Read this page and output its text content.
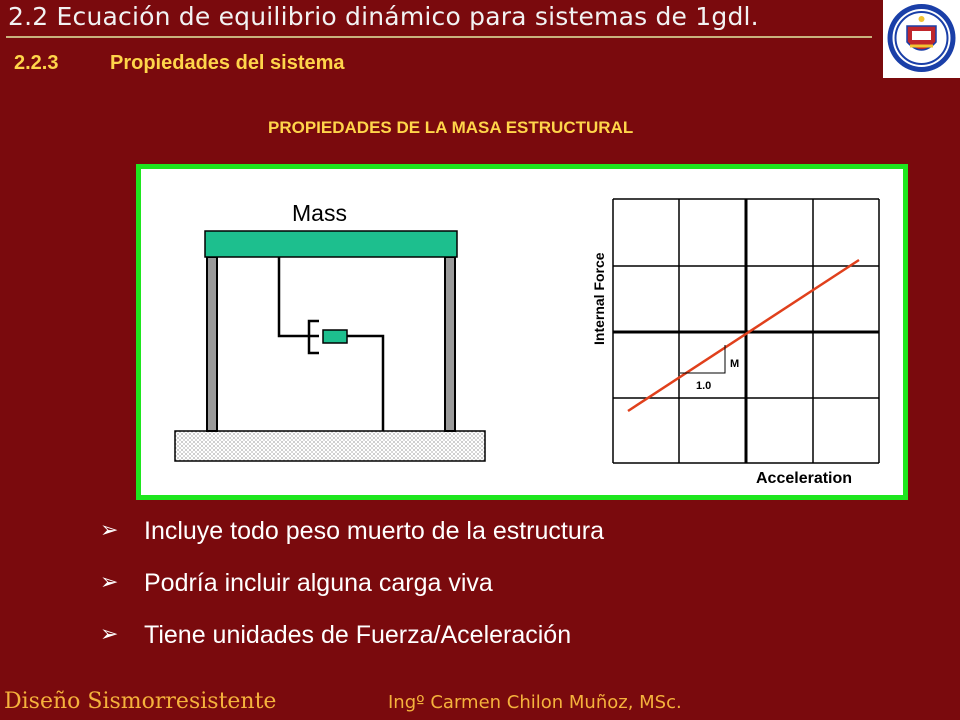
2.2 Ecuación de equilibrio dinámico para sistemas de 1gdl.
2.2.3	Propiedades del sistema
PROPIEDADES DE LA MASA ESTRUCTURAL
Mass
M
1.0
Internal Force
Acceleration
➢	Incluye todo peso muerto de la estructura
➢	Podría incluir alguna carga viva
➢	Tiene unidades de Fuerza/Aceleración
Diseño Sismorresistente	Ingº Carmen Chilon Muñoz, MSc.
